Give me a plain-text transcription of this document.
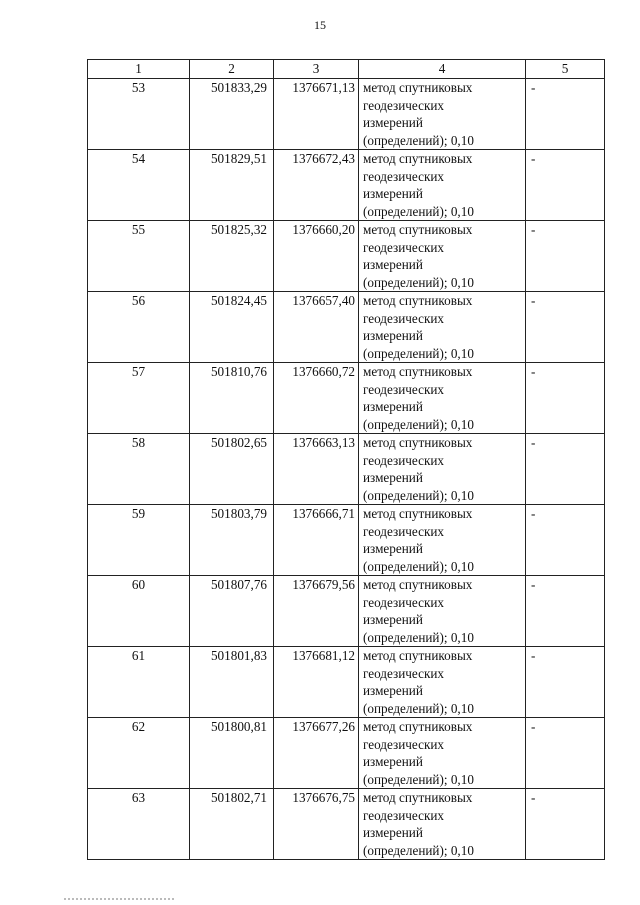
15
1	2	3	4	5
53	501833,29	1376671,13	метод спутниковых
геодезических
измерений
(определений); 0,10	-
54	501829,51	1376672,43	метод спутниковых
геодезических
измерений
(определений); 0,10	-
55	501825,32	1376660,20	метод спутниковых
геодезических
измерений
(определений); 0,10	-
56	501824,45	1376657,40	метод спутниковых
геодезических
измерений
(определений); 0,10	-
57	501810,76	1376660,72	метод спутниковых
геодезических
измерений
(определений); 0,10	-
58	501802,65	1376663,13	метод спутниковых
геодезических
измерений
(определений); 0,10	-
59	501803,79	1376666,71	метод спутниковых
геодезических
измерений
(определений); 0,10	-
60	501807,76	1376679,56	метод спутниковых
геодезических
измерений
(определений); 0,10	-
61	501801,83	1376681,12	метод спутниковых
геодезических
измерений
(определений); 0,10	-
62	501800,81	1376677,26	метод спутниковых
геодезических
измерений
(определений); 0,10	-
63	501802,71	1376676,75	метод спутниковых
геодезических
измерений
(определений); 0,10	-
